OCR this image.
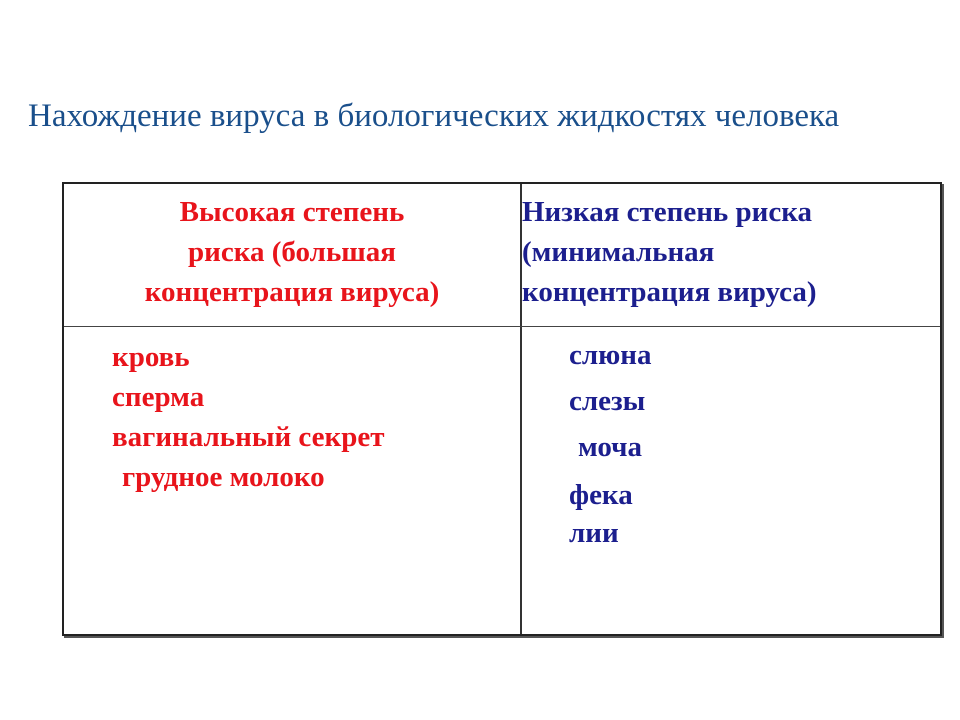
Нахождение вируса в биологических жидкостях человека
Высокая степень
риска (большая
концентрация вируса)
Низкая степень риска
(минимальная
концентрация вируса)
кровь
сперма
вагинальный секрет
грудное молоко
слюна
слезы
моча
фека
лии
